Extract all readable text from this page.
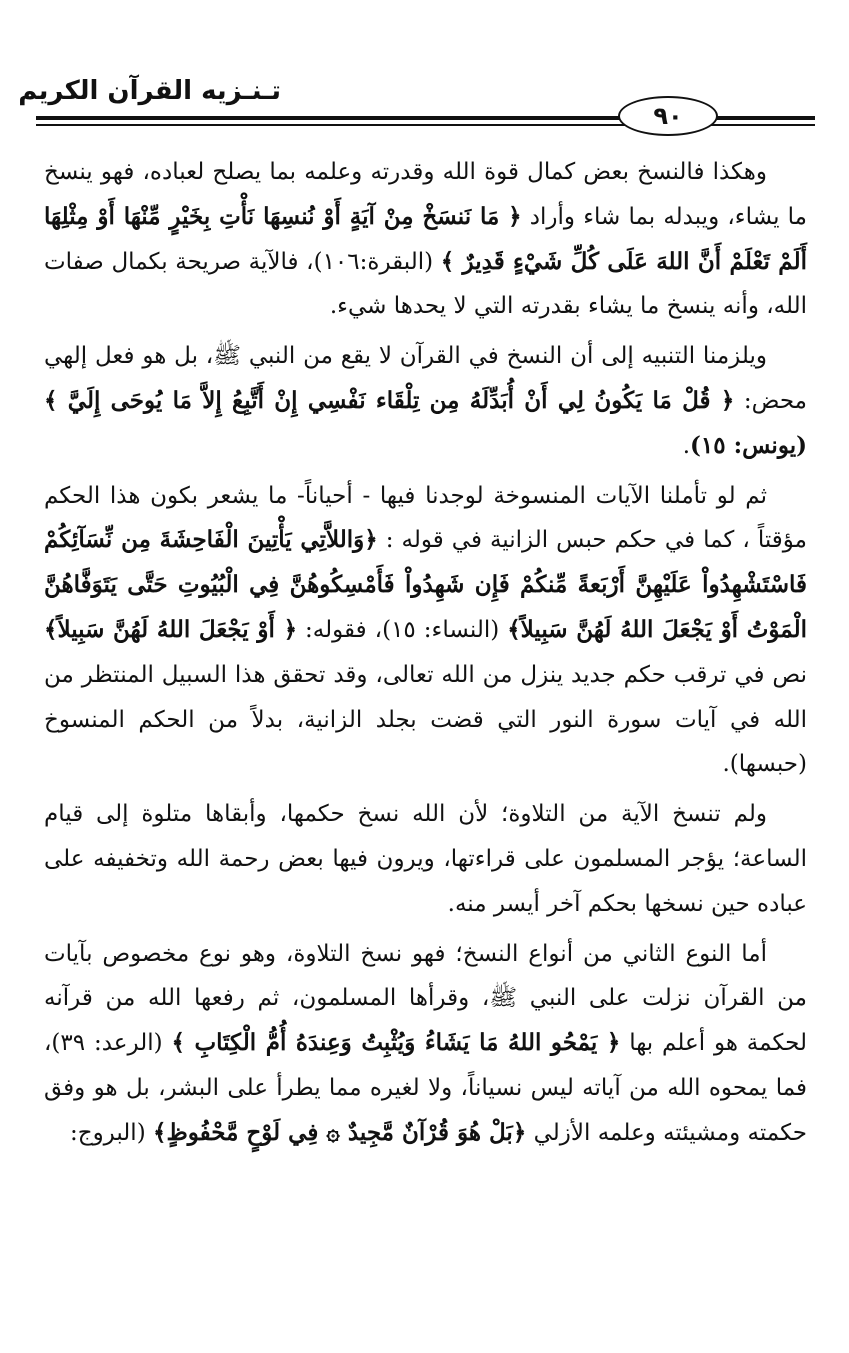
تـنـزيه القرآن الكريم
٩٠

وهكذا فالنسخ بعض كمال قوة الله وقدرته وعلمه بما يصلح لعباده، فهو ينسخ ما يشاء، ويبدله بما شاء وأراد ﴿ مَا نَنسَخْ مِنْ آيَةٍ أَوْ نُنسِهَا نَأْتِ بِخَيْرٍ مِّنْهَا أَوْ مِثْلِهَا أَلَمْ تَعْلَمْ أَنَّ اللهَ عَلَى كُلِّ شَيْءٍ قَدِيرٌ ﴾ (البقرة:١٠٦)، فالآية صريحة بكمال صفات الله، وأنه ينسخ ما يشاء بقدرته التي لا يحدها شيء.

ويلزمنا التنبيه إلى أن النسخ في القرآن لا يقع من النبي ﷺ، بل هو فعل إلهي محض: ﴿ قُلْ مَا يَكُونُ لِي أَنْ أُبَدِّلَهُ مِن تِلْقَاء نَفْسِي إِنْ أَتَّبِعُ إِلاَّ مَا يُوحَى إِلَيَّ ﴾ (يونس: ١٥).

ثم لو تأملنا الآيات المنسوخة لوجدنا فيها - أحياناً- ما يشعر بكون هذا الحكم مؤقتاً ، كما في حكم حبس الزانية في قوله : ﴿وَاللاَّتِي يَأْتِينَ الْفَاحِشَةَ مِن نِّسَآئِكُمْ فَاسْتَشْهِدُواْ عَلَيْهِنَّ أَرْبَعةً مِّنكُمْ فَإِن شَهِدُواْ فَأَمْسِكُوهُنَّ فِي الْبُيُوتِ حَتَّى يَتَوَفَّاهُنَّ الْمَوْتُ أَوْ يَجْعَلَ اللهُ لَهُنَّ سَبِيلاً﴾ (النساء: ١٥)، فقوله: ﴿ أَوْ يَجْعَلَ اللهُ لَهُنَّ سَبِيلاً﴾ نص في ترقب حكم جديد ينزل من الله تعالى، وقد تحقق هذا السبيل المنتظر من الله في آيات سورة النور التي قضت بجلد الزانية، بدلاً من الحكم المنسوخ (حبسها).

ولم تنسخ الآية من التلاوة؛ لأن الله نسخ حكمها، وأبقاها متلوة إلى قيام الساعة؛ يؤجر المسلمون على قراءتها، ويرون فيها بعض رحمة الله وتخفيفه على عباده حين نسخها بحكم آخر أيسر منه.

أما النوع الثاني من أنواع النسخ؛ فهو نسخ التلاوة، وهو نوع مخصوص بآيات من القرآن نزلت على النبي ﷺ، وقرأها المسلمون، ثم رفعها الله من قرآنه لحكمة هو أعلم بها ﴿ يَمْحُو اللهُ مَا يَشَاءُ وَيُثْبِتُ وَعِندَهُ أُمُّ الْكِتَابِ ﴾ (الرعد: ٣٩)، فما يمحوه الله من آياته ليس نسياناً، ولا لغيره مما يطرأ على البشر، بل هو وفق حكمته ومشيئته وعلمه الأزلي ﴿بَلْ هُوَ قُرْآنٌ مَّجِيدٌ ۞ فِي لَوْحٍ مَّحْفُوظٍ﴾ (البروج:
